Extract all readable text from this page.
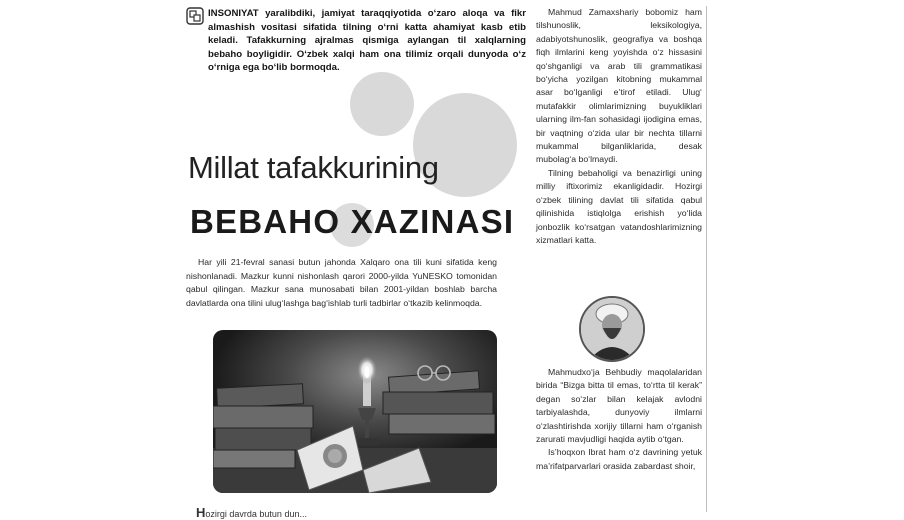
INSONIYAT yaralibdiki, jamiyat taraqqiyotida o‘zaro aloqa va fikr almashish vositasi sifatida tilning o‘rni katta ahamiyat kasb etib keladi. Tafakkurning ajralmas qismiga aylangan til xalqlarning bebaho boyligidir. O‘zbek xalqi ham ona tilimiz orqali dunyoda o‘z o‘rniga ega bo‘lib bormoqda.
Millat tafakkurining
BEBAHO XAZINASI

Har yili 21-fevral sanasi butun jahonda Xalqaro ona tili kuni sifatida keng nishonlanadi. Mazkur kunni nishonlash qarori 2000-yilda YuNESKO tomonidan qabul qilingan. Mazkur sana munosabati bilan 2001-yildan boshlab barcha davlatlarda ona tilini ulug‘lashga bag‘ishlab turli tadbirlar o‘tkazib kelinmoqda.

Hozirgi davrda butun dun...

Mahmud Zamaxshariy bobomiz ham tilshunoslik, leksikologiya, adabiyotshunoslik, geografiya va boshqa fiqh ilmlarini keng yoyishda o‘z hissasini qo‘shganligi va arab tili grammatikasi bo‘yicha yozilgan kitobning mukammal asar bo‘lganligi e’tirof etiladi. Ulug‘ mutafakkir olimlarimizning buyukliklari ularning ilm-fan sohasidagi ijodigina emas, bir vaqtning o‘zida ular bir nechta tillarni mukammal bilganliklarida, desak mubolag‘a bo‘lmaydi.

Tilning bebaholigi va benazirligi uning milliy iftixorimiz ekanligidadir. Hozirgi o‘zbek tilining davlat tili sifatida qabul qilinishida istiqlolga erishish yo‘lida jonbozlik ko‘rsatgan vatandoshlarimizning xizmatlari katta.

Mahmudxo‘ja Behbudiy maqolalaridan birida “Bizga bitta til emas, to‘rtta til kerak” degan so‘zlar bilan kelajak avlodni tarbiyalashda, dunyoviy ilmlarni o‘zlashtirishda xorijiy tillarni ham o‘rganish zarurati mavjudligi haqida aytib o‘tgan.

Is’hoqxon Ibrat ham o‘z davrining yetuk ma’rifatparvarlari orasida zabardast shoir,
